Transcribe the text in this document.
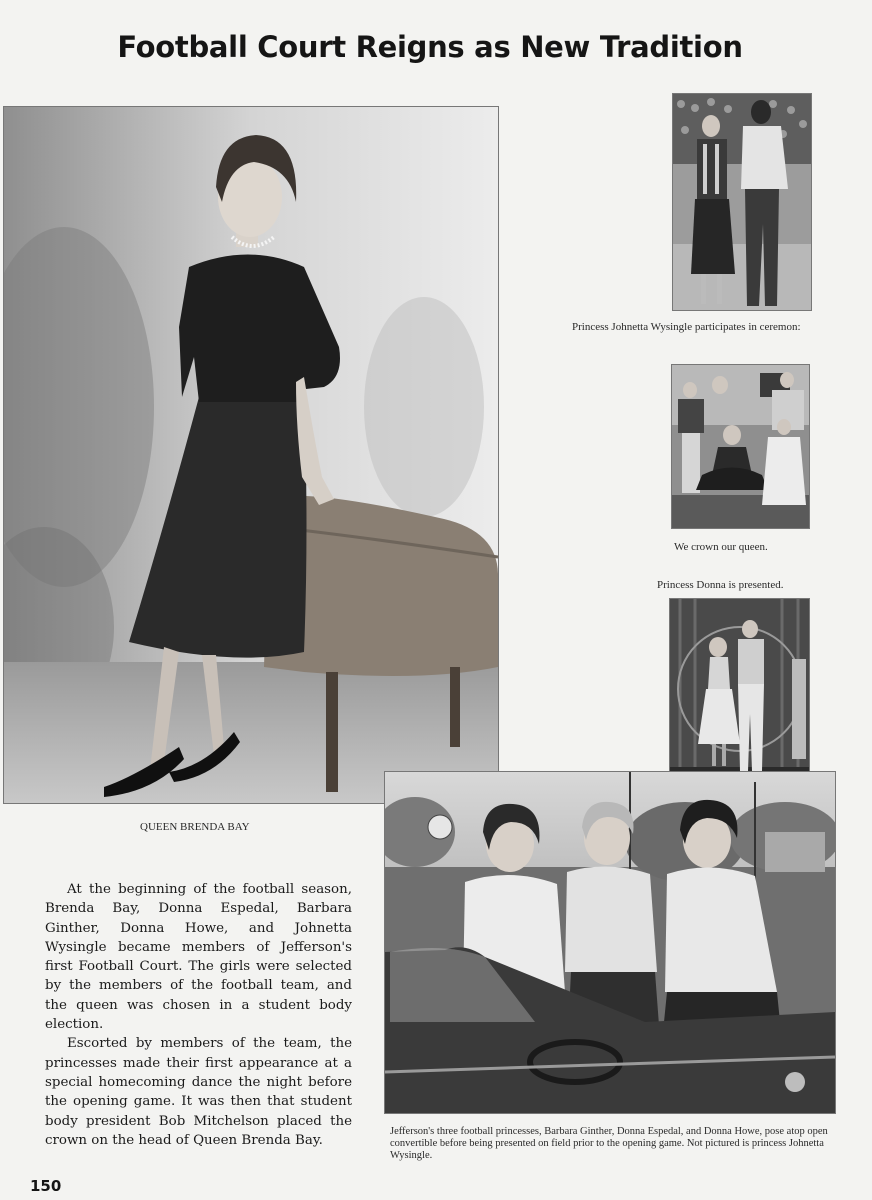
Football Court Reigns as New Tradition
QUEEN BRENDA BAY
Princess Johnetta Wysingle participates in ceremon:
We crown our queen.
Princess Donna is presented.
Jefferson's three football princesses, Barbara Ginther, Donna Espedal, and Donna Howe, pose atop open convertible before being presented on field prior to the opening game. Not pictured is princess Johnetta Wysingle.

At the beginning of the football season, Brenda Bay, Donna Espedal, Barbara Ginther, Donna Howe, and Johnetta Wysingle became members of Jefferson's first Football Court. The girls were selected by the members of the football team, and the queen was chosen in a student body election.

Escorted by members of the team, the princesses made their first appearance at a special homecoming dance the night before the opening game. It was then that student body president Bob Mitchelson placed the crown on the head of Queen Brenda Bay.

150
